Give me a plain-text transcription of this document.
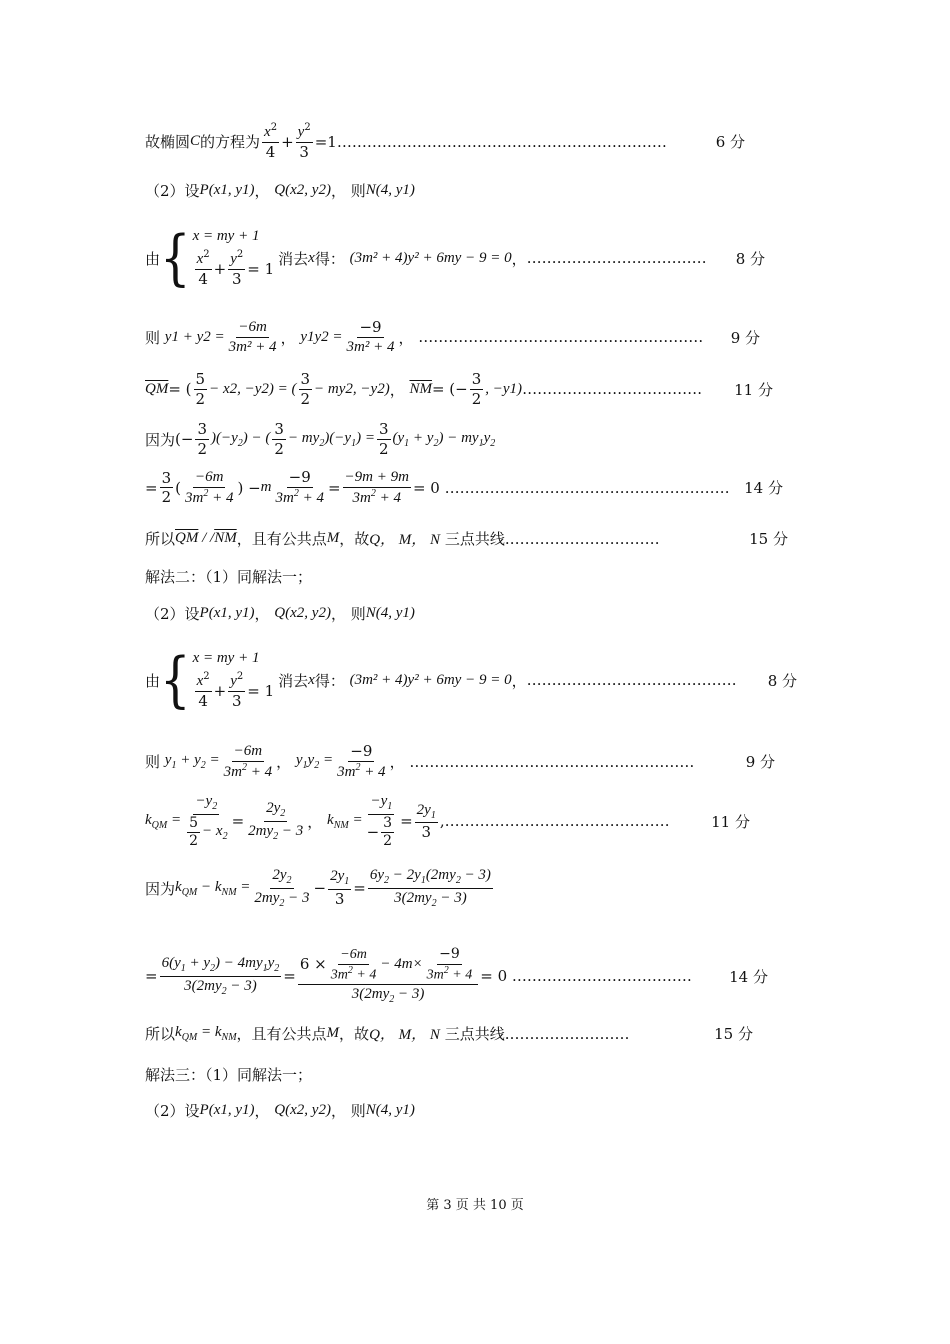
故椭圆 C 的方程为 $\frac{x^2}{4} + \frac{y^2}{3} =1$ …………………………………………………………	6 分
（2）设 P(x1, y1) ， Q(x2, y2) ， 则 N(4, y1)
由 { x = my + 1
$\frac{x^2}{4} + \frac{y^2}{3} = 1$
消去 x 得：
(3m² + 4)y² + 6my − 9 = 0 ， ……………………………… 8 分
则
$y1 + y2 = \frac{-6m}{\text{3m² + 4}}$ ， $y1y2 = \frac{-9}{\text{3m² + 4}}$ ， ………………………………………………… 9 分
$\overline{QM}$ = ( $\frac{5}{2} - x2$, −y2) = ( $\frac{3}{2} - my2$, −y2) ， $\overline{NM}$ = (− $\frac{3}{2}$ , −y1) ……………………………… 11 分
因为 (− $\frac{3}{2} )(-y_2)$ − ( $\frac{3}{2} - my_2)(-y_1) = \frac{3}{2} (y_1 + y_2) - my_1y_2$
= $\frac{3}{2}$ ( $\frac{-6m}{3m^2 + 4}$ ) − m $\frac{-9}{3m^2 + 4} = \frac{-9m + 9m}{3m^2 + 4} = 0$ ………………………………………………… 14 分
所以 $\overline{QM} / /\overline{NM}$ ，且有公共点 M ，故 Q， M， N
三点共线. …………………………	15 分
解法二：（1）同解法一；
（2）设 P(x1, y1) ， Q(x2, y2) ， 则 N(4, y1)
由 { x = my + 1
$\frac{x^2}{4} + \frac{y^2}{3} = 1$
消去 x 得：
(3m² + 4)y² + 6my − 9 = 0 ， …………………………………… 8 分
则
$y_1 + y_2 = \frac{-6m}{3m^2 + 4}$ ， $y_1y_2 = \frac{-9}{3m^2 + 4}$ ， …………………………………………………	9 分
$k_{QM} = \frac{-y_2}{\frac{5}{2} - x_2} = \frac{2y_2}{2my_2 - 3}$ ， $k_{NM} = \frac{-y_1}{- \frac{3}{2}} = \frac{2y_1}{3}$ , ………………………………………	11 分
因为 $k_{QM} - k_{NM} = \frac{2y_2}{2my_2 - 3} - \frac{2y_1}{3} = \frac{6y_2 - 2y_1(2my_2 - 3)}{3(2my_2 - 3)}$
= $\frac{6(y_1 + y_2) - 4my_1y_2}{3(2my_2 - 3)} = \frac{6 \times \frac{-6m}{3m^2 + 4} - 4m\times \frac{-9}{3m^2 + 4}}{3(2my_2 - 3)} = 0$ ……………………………… 14 分
所以 $k_{QM} = k_{NM}$ ，且有公共点 M ，故 Q， M， N
三点共线. ……………………	15 分
解法三：（1）同解法一；
（2）设 P(x1, y1) ， Q(x2, y2) ， 则 N(4, y1)
第 3 页 共 10 页
